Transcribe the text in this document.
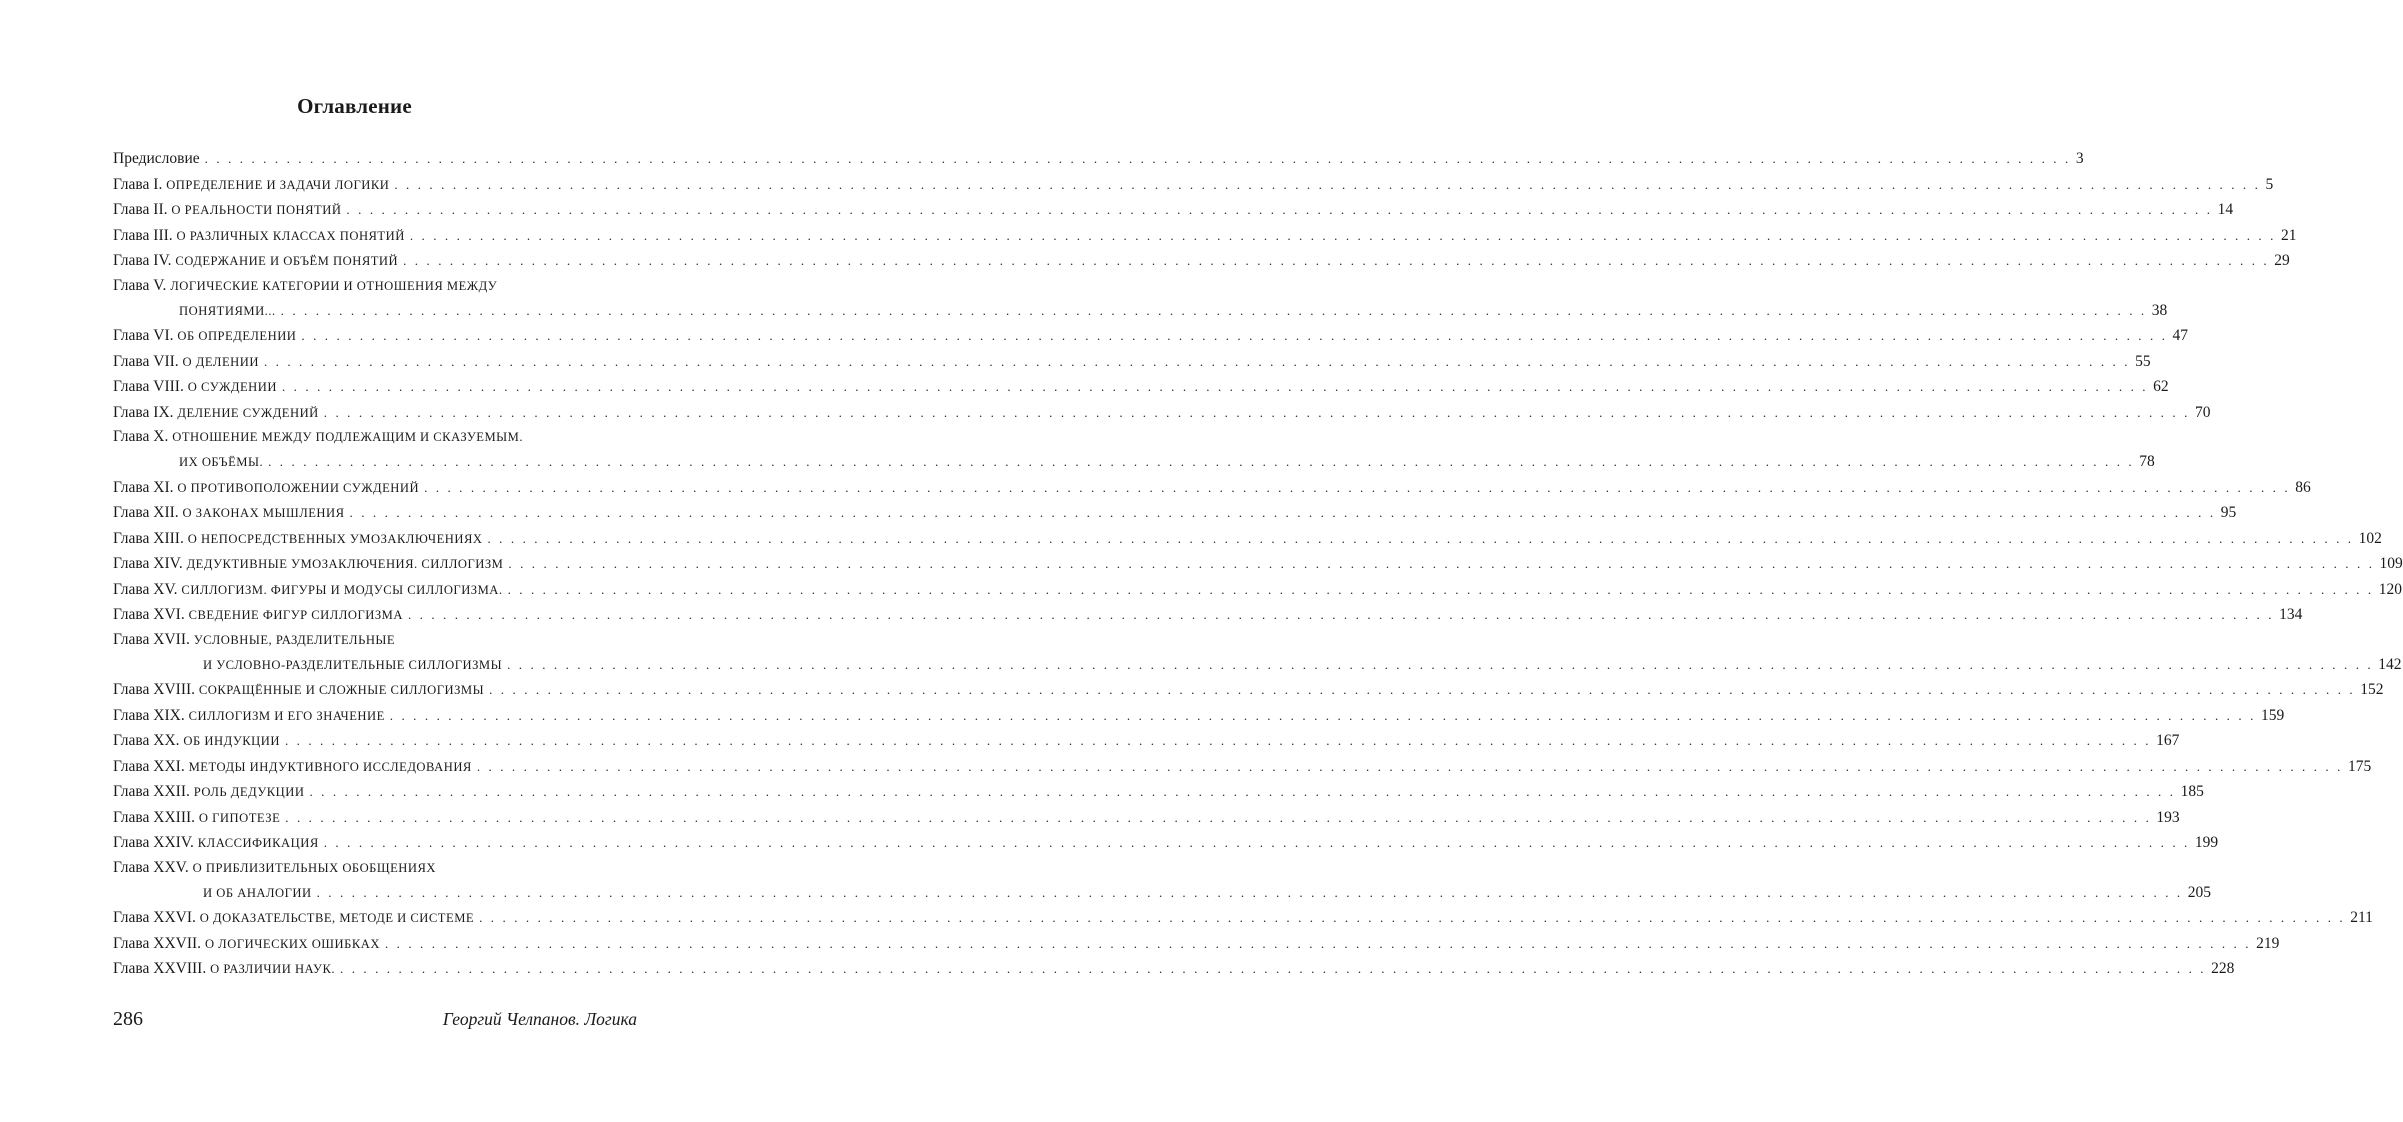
Оглавление
Предисловие . . . . . . . . . . . . . . . . . . . . . . . . . . . . . . . . . . . . . . . . . . . . . . . . . . . . . . . . . . . . . . . . . . . . . . . . . . . . . . . . . . . . . . . . . . . . . . . . . . . . . . . . . . . . . . . . . . . . . . . . . . . . . . . . . . . . . . . . . . . . . . . . . . . . . . . . . . . . . . . . 3
Глава I. ОПРЕДЕЛЕНИЕ И ЗАДАЧИ ЛОГИКИ . . . . . . . . . . . . . . . . . . . . . . . . . . . . . . . . . . . . . . . . . . . . . . . . . . . . . . . . . . . . . . . . . . . . . . . . . . . . . . . . . . . . . . . . . . . . . . . . . . . . . . . . . . . . . . . . . . . . . . . . . . . . . . . . . . . . . . . . . . . . . . . . . . . . . . . . . . . . . . . . 5
Глава II. О РЕАЛЬНОСТИ ПОНЯТИЙ . . . . . . . . . . . . . . . . . . . . . . . . . . . . . . . . . . . . . . . . . . . . . . . . . . . . . . . . . . . . . . . . . . . . . . . . . . . . . . . . . . . . . . . . . . . . . . . . . . . . . . . . . . . . . . . . . . . . . . . . . . . . . . . . . . . . . . . . . . . . . . . . . . . . . . . . . . . . . . . . 14
Глава III. О РАЗЛИЧНЫХ КЛАССАХ ПОНЯТИЙ . . . . . . . . . . . . . . . . . . . . . . . . . . . . . . . . . . . . . . . . . . . . . . . . . . . . . . . . . . . . . . . . . . . . . . . . . . . . . . . . . . . . . . . . . . . . . . . . . . . . . . . . . . . . . . . . . . . . . . . . . . . . . . . . . . . . . . . . . . . . . . . . . . . . . . . . . . . . . . . . 21
Глава IV. СОДЕРЖАНИЕ И ОБЪЁМ ПОНЯТИЙ . . . . . . . . . . . . . . . . . . . . . . . . . . . . . . . . . . . . . . . . . . . . . . . . . . . . . . . . . . . . . . . . . . . . . . . . . . . . . . . . . . . . . . . . . . . . . . . . . . . . . . . . . . . . . . . . . . . . . . . . . . . . . . . . . . . . . . . . . . . . . . . . . . . . . . . . . . . . . . . . 29
Глава V. ЛОГИЧЕСКИЕ КАТЕГОРИИ И ОТНОШЕНИЯ МЕЖДУ
ПОНЯТИЯМИ... . . . . . . . . . . . . . . . . . . . . . . . . . . . . . . . . . . . . . . . . . . . . . . . . . . . . . . . . . . . . . . . . . . . . . . . . . . . . . . . . . . . . . . . . . . . . . . . . . . . . . . . . . . . . . . . . . . . . . . . . . . . . . . . . . . . . . . . . . . . . . . . . . . . . . . . . . . . . . . . . 38
Глава VI. ОБ ОПРЕДЕЛЕНИИ . . . . . . . . . . . . . . . . . . . . . . . . . . . . . . . . . . . . . . . . . . . . . . . . . . . . . . . . . . . . . . . . . . . . . . . . . . . . . . . . . . . . . . . . . . . . . . . . . . . . . . . . . . . . . . . . . . . . . . . . . . . . . . . . . . . . . . . . . . . . . . . . . . . . . . . . . . . . . . . . 47
Глава VII. О ДЕЛЕНИИ . . . . . . . . . . . . . . . . . . . . . . . . . . . . . . . . . . . . . . . . . . . . . . . . . . . . . . . . . . . . . . . . . . . . . . . . . . . . . . . . . . . . . . . . . . . . . . . . . . . . . . . . . . . . . . . . . . . . . . . . . . . . . . . . . . . . . . . . . . . . . . . . . . . . . . . . . . . . . . . . 55
Глава VIII. О СУЖДЕНИИ . . . . . . . . . . . . . . . . . . . . . . . . . . . . . . . . . . . . . . . . . . . . . . . . . . . . . . . . . . . . . . . . . . . . . . . . . . . . . . . . . . . . . . . . . . . . . . . . . . . . . . . . . . . . . . . . . . . . . . . . . . . . . . . . . . . . . . . . . . . . . . . . . . . . . . . . . . . . . . . . 62
Глава IX. ДЕЛЕНИЕ СУЖДЕНИЙ . . . . . . . . . . . . . . . . . . . . . . . . . . . . . . . . . . . . . . . . . . . . . . . . . . . . . . . . . . . . . . . . . . . . . . . . . . . . . . . . . . . . . . . . . . . . . . . . . . . . . . . . . . . . . . . . . . . . . . . . . . . . . . . . . . . . . . . . . . . . . . . . . . . . . . . . . . . . . . . . 70
Глава X. ОТНОШЕНИЕ МЕЖДУ ПОДЛЕЖАЩИМ И СКАЗУЕМЫМ.
ИХ ОБЪЁМЫ. . . . . . . . . . . . . . . . . . . . . . . . . . . . . . . . . . . . . . . . . . . . . . . . . . . . . . . . . . . . . . . . . . . . . . . . . . . . . . . . . . . . . . . . . . . . . . . . . . . . . . . . . . . . . . . . . . . . . . . . . . . . . . . . . . . . . . . . . . . . . . . . . . . . . . . . . . . . . . . . . 78
Глава XI. О ПРОТИВОПОЛОЖЕНИИ СУЖДЕНИЙ . . . . . . . . . . . . . . . . . . . . . . . . . . . . . . . . . . . . . . . . . . . . . . . . . . . . . . . . . . . . . . . . . . . . . . . . . . . . . . . . . . . . . . . . . . . . . . . . . . . . . . . . . . . . . . . . . . . . . . . . . . . . . . . . . . . . . . . . . . . . . . . . . . . . . . . . . . . . . . . . 86
Глава XII. О ЗАКОНАХ МЫШЛЕНИЯ . . . . . . . . . . . . . . . . . . . . . . . . . . . . . . . . . . . . . . . . . . . . . . . . . . . . . . . . . . . . . . . . . . . . . . . . . . . . . . . . . . . . . . . . . . . . . . . . . . . . . . . . . . . . . . . . . . . . . . . . . . . . . . . . . . . . . . . . . . . . . . . . . . . . . . . . . . . . . . . . 95
Глава XIII. О НЕПОСРЕДСТВЕННЫХ УМОЗАКЛЮЧЕНИЯХ . . . . . . . . . . . . . . . . . . . . . . . . . . . . . . . . . . . . . . . . . . . . . . . . . . . . . . . . . . . . . . . . . . . . . . . . . . . . . . . . . . . . . . . . . . . . . . . . . . . . . . . . . . . . . . . . . . . . . . . . . . . . . . . . . . . . . . . . . . . . . . . . . . . . . . . . . . . . . . . . 102
Глава XIV. ДЕДУКТИВНЫЕ УМОЗАКЛЮЧЕНИЯ. СИЛЛОГИЗМ . . . . . . . . . . . . . . . . . . . . . . . . . . . . . . . . . . . . . . . . . . . . . . . . . . . . . . . . . . . . . . . . . . . . . . . . . . . . . . . . . . . . . . . . . . . . . . . . . . . . . . . . . . . . . . . . . . . . . . . . . . . . . . . . . . . . . . . . . . . . . . . . . . . . . . . . . . . . . . . . 109
Глава XV. СИЛЛОГИЗМ. ФИГУРЫ И МОДУСЫ СИЛЛОГИЗМА. . . . . . . . . . . . . . . . . . . . . . . . . . . . . . . . . . . . . . . . . . . . . . . . . . . . . . . . . . . . . . . . . . . . . . . . . . . . . . . . . . . . . . . . . . . . . . . . . . . . . . . . . . . . . . . . . . . . . . . . . . . . . . . . . . . . . . . . . . . . . . . . . . . . . . . . . . . . . . . . . 120
Глава XVI. СВЕДЕНИЕ ФИГУР СИЛЛОГИЗМА . . . . . . . . . . . . . . . . . . . . . . . . . . . . . . . . . . . . . . . . . . . . . . . . . . . . . . . . . . . . . . . . . . . . . . . . . . . . . . . . . . . . . . . . . . . . . . . . . . . . . . . . . . . . . . . . . . . . . . . . . . . . . . . . . . . . . . . . . . . . . . . . . . . . . . . . . . . . . . . . 134
Глава XVII. УСЛОВНЫЕ, РАЗДЕЛИТЕЛЬНЫЕ
И УСЛОВНО-РАЗДЕЛИТЕЛЬНЫЕ СИЛЛОГИЗМЫ . . . . . . . . . . . . . . . . . . . . . . . . . . . . . . . . . . . . . . . . . . . . . . . . . . . . . . . . . . . . . . . . . . . . . . . . . . . . . . . . . . . . . . . . . . . . . . . . . . . . . . . . . . . . . . . . . . . . . . . . . . . . . . . . . . . . . . . . . . . . . . . . . . . . . . . . . . . . . . . . 142
Глава XVIII. СОКРАЩЁННЫЕ И СЛОЖНЫЕ СИЛЛОГИЗМЫ . . . . . . . . . . . . . . . . . . . . . . . . . . . . . . . . . . . . . . . . . . . . . . . . . . . . . . . . . . . . . . . . . . . . . . . . . . . . . . . . . . . . . . . . . . . . . . . . . . . . . . . . . . . . . . . . . . . . . . . . . . . . . . . . . . . . . . . . . . . . . . . . . . . . . . . . . . . . . . . . 152
Глава XIX. СИЛЛОГИЗМ И ЕГО ЗНАЧЕНИЕ . . . . . . . . . . . . . . . . . . . . . . . . . . . . . . . . . . . . . . . . . . . . . . . . . . . . . . . . . . . . . . . . . . . . . . . . . . . . . . . . . . . . . . . . . . . . . . . . . . . . . . . . . . . . . . . . . . . . . . . . . . . . . . . . . . . . . . . . . . . . . . . . . . . . . . . . . . . . . . . . 159
Глава XX. ОБ ИНДУКЦИИ . . . . . . . . . . . . . . . . . . . . . . . . . . . . . . . . . . . . . . . . . . . . . . . . . . . . . . . . . . . . . . . . . . . . . . . . . . . . . . . . . . . . . . . . . . . . . . . . . . . . . . . . . . . . . . . . . . . . . . . . . . . . . . . . . . . . . . . . . . . . . . . . . . . . . . . . . . . . . . . . 167
Глава XXI. МЕТОДЫ ИНДУКТИВНОГО ИССЛЕДОВАНИЯ . . . . . . . . . . . . . . . . . . . . . . . . . . . . . . . . . . . . . . . . . . . . . . . . . . . . . . . . . . . . . . . . . . . . . . . . . . . . . . . . . . . . . . . . . . . . . . . . . . . . . . . . . . . . . . . . . . . . . . . . . . . . . . . . . . . . . . . . . . . . . . . . . . . . . . . . . . . . . . . . 175
Глава XXII. РОЛЬ ДЕДУКЦИИ . . . . . . . . . . . . . . . . . . . . . . . . . . . . . . . . . . . . . . . . . . . . . . . . . . . . . . . . . . . . . . . . . . . . . . . . . . . . . . . . . . . . . . . . . . . . . . . . . . . . . . . . . . . . . . . . . . . . . . . . . . . . . . . . . . . . . . . . . . . . . . . . . . . . . . . . . . . . . . . . 185
Глава XXIII. О ГИПОТЕЗЕ . . . . . . . . . . . . . . . . . . . . . . . . . . . . . . . . . . . . . . . . . . . . . . . . . . . . . . . . . . . . . . . . . . . . . . . . . . . . . . . . . . . . . . . . . . . . . . . . . . . . . . . . . . . . . . . . . . . . . . . . . . . . . . . . . . . . . . . . . . . . . . . . . . . . . . . . . . . . . . . . 193
Глава XXIV. КЛАССИФИКАЦИЯ . . . . . . . . . . . . . . . . . . . . . . . . . . . . . . . . . . . . . . . . . . . . . . . . . . . . . . . . . . . . . . . . . . . . . . . . . . . . . . . . . . . . . . . . . . . . . . . . . . . . . . . . . . . . . . . . . . . . . . . . . . . . . . . . . . . . . . . . . . . . . . . . . . . . . . . . . . . . . . . . 199
Глава XXV. О ПРИБЛИЗИТЕЛЬНЫХ ОБОБЩЕНИЯХ
И ОБ АНАЛОГИИ . . . . . . . . . . . . . . . . . . . . . . . . . . . . . . . . . . . . . . . . . . . . . . . . . . . . . . . . . . . . . . . . . . . . . . . . . . . . . . . . . . . . . . . . . . . . . . . . . . . . . . . . . . . . . . . . . . . . . . . . . . . . . . . . . . . . . . . . . . . . . . . . . . . . . . . . . . . . . . . . 205
Глава XXVI. О ДОКАЗАТЕЛЬСТВЕ, МЕТОДЕ И СИСТЕМЕ . . . . . . . . . . . . . . . . . . . . . . . . . . . . . . . . . . . . . . . . . . . . . . . . . . . . . . . . . . . . . . . . . . . . . . . . . . . . . . . . . . . . . . . . . . . . . . . . . . . . . . . . . . . . . . . . . . . . . . . . . . . . . . . . . . . . . . . . . . . . . . . . . . . . . . . . . . . . . . . . 211
Глава XXVII. О ЛОГИЧЕСКИХ ОШИБКАХ . . . . . . . . . . . . . . . . . . . . . . . . . . . . . . . . . . . . . . . . . . . . . . . . . . . . . . . . . . . . . . . . . . . . . . . . . . . . . . . . . . . . . . . . . . . . . . . . . . . . . . . . . . . . . . . . . . . . . . . . . . . . . . . . . . . . . . . . . . . . . . . . . . . . . . . . . . . . . . . . 219
Глава XXVIII. О РАЗЛИЧИИ НАУК. . . . . . . . . . . . . . . . . . . . . . . . . . . . . . . . . . . . . . . . . . . . . . . . . . . . . . . . . . . . . . . . . . . . . . . . . . . . . . . . . . . . . . . . . . . . . . . . . . . . . . . . . . . . . . . . . . . . . . . . . . . . . . . . . . . . . . . . . . . . . . . . . . . . . . . . . . . . . . . . . 228
286	Георгий Челпанов. Логика
